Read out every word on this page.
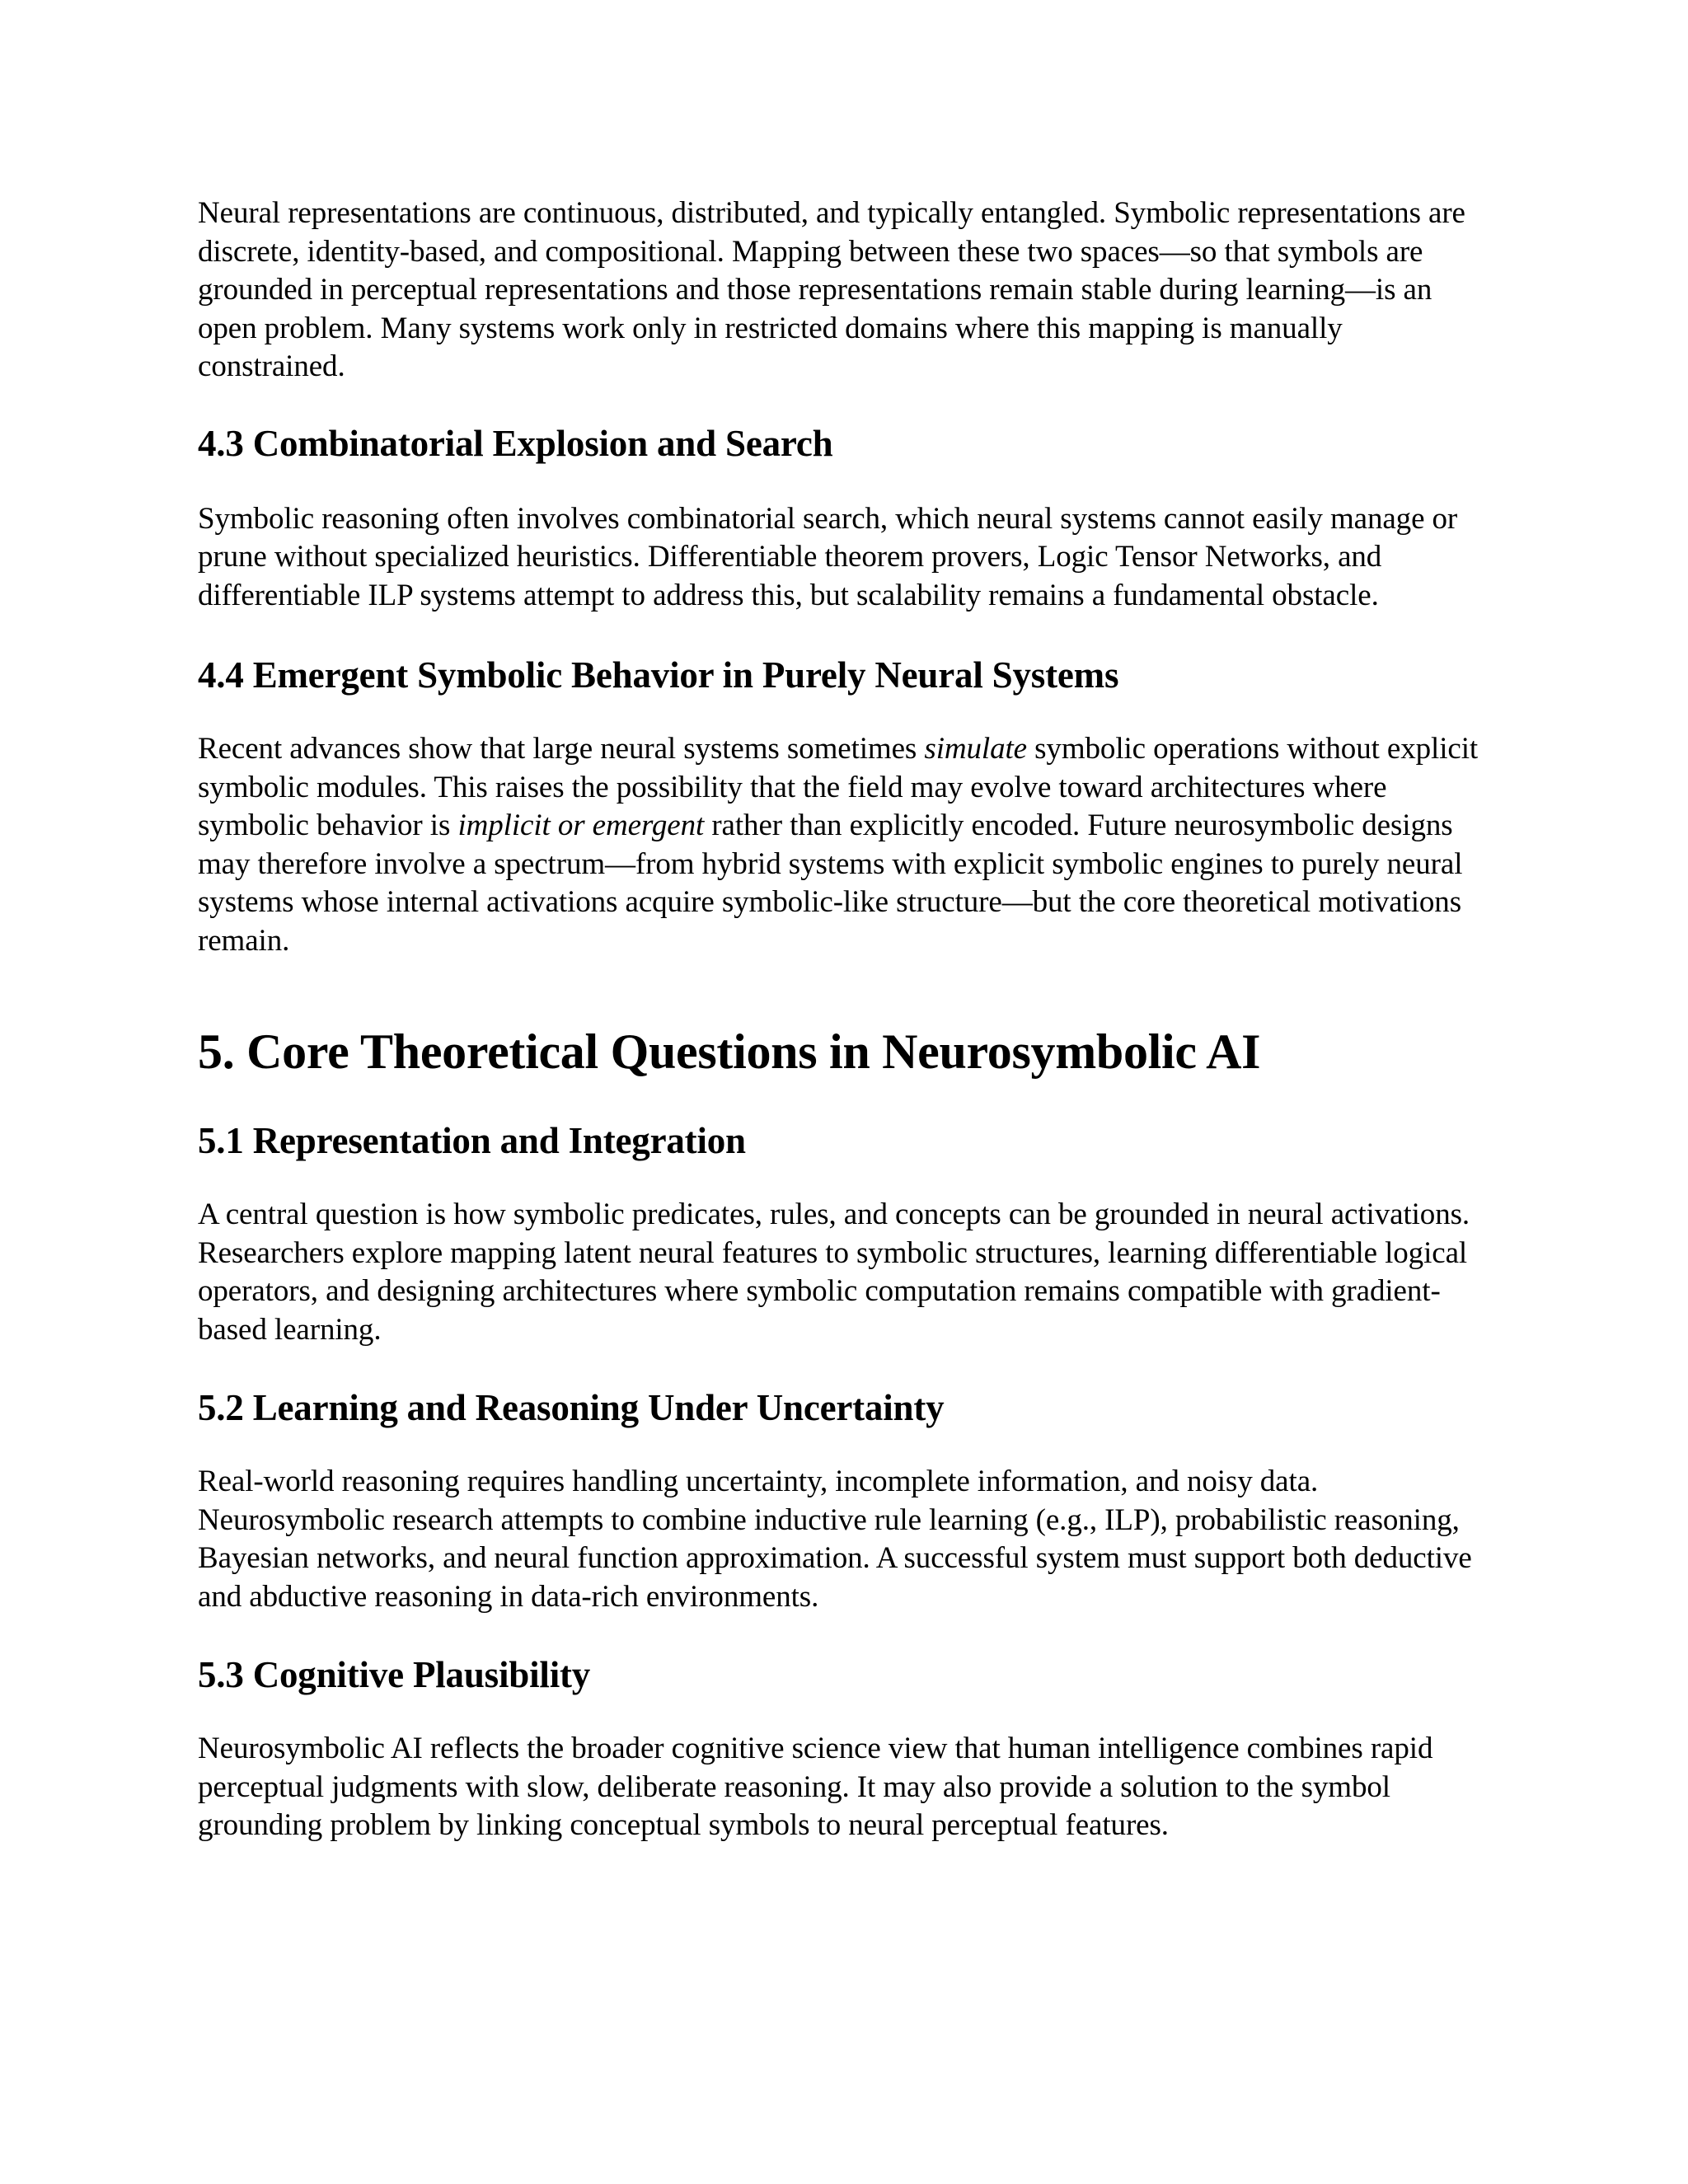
Neural representations are continuous, distributed, and typically entangled. Symbolic representations are discrete, identity-based, and compositional. Mapping between these two spaces—so that symbols are grounded in perceptual representations and those representations remain stable during learning—is an open problem. Many systems work only in restricted domains where this mapping is manually constrained.

4.3 Combinatorial Explosion and Search

Symbolic reasoning often involves combinatorial search, which neural systems cannot easily manage or prune without specialized heuristics. Differentiable theorem provers, Logic Tensor Networks, and differentiable ILP systems attempt to address this, but scalability remains a fundamental obstacle.

4.4 Emergent Symbolic Behavior in Purely Neural Systems

Recent advances show that large neural systems sometimes simulate symbolic operations without explicit symbolic modules. This raises the possibility that the field may evolve toward architectures where symbolic behavior is implicit or emergent rather than explicitly encoded. Future neurosymbolic designs may therefore involve a spectrum—from hybrid systems with explicit symbolic engines to purely neural systems whose internal activations acquire symbolic-like structure—but the core theoretical motivations remain.

5. Core Theoretical Questions in Neurosymbolic AI
5.1 Representation and Integration

A central question is how symbolic predicates, rules, and concepts can be grounded in neural activations. Researchers explore mapping latent neural features to symbolic structures, learning differentiable logical operators, and designing architectures where symbolic computation remains compatible with gradient-based learning.

5.2 Learning and Reasoning Under Uncertainty

Real-world reasoning requires handling uncertainty, incomplete information, and noisy data. Neurosymbolic research attempts to combine inductive rule learning (e.g., ILP), probabilistic reasoning, Bayesian networks, and neural function approximation. A successful system must support both deductive and abductive reasoning in data-rich environments.

5.3 Cognitive Plausibility

Neurosymbolic AI reflects the broader cognitive science view that human intelligence combines rapid perceptual judgments with slow, deliberate reasoning. It may also provide a solution to the symbol grounding problem by linking conceptual symbols to neural perceptual features.
